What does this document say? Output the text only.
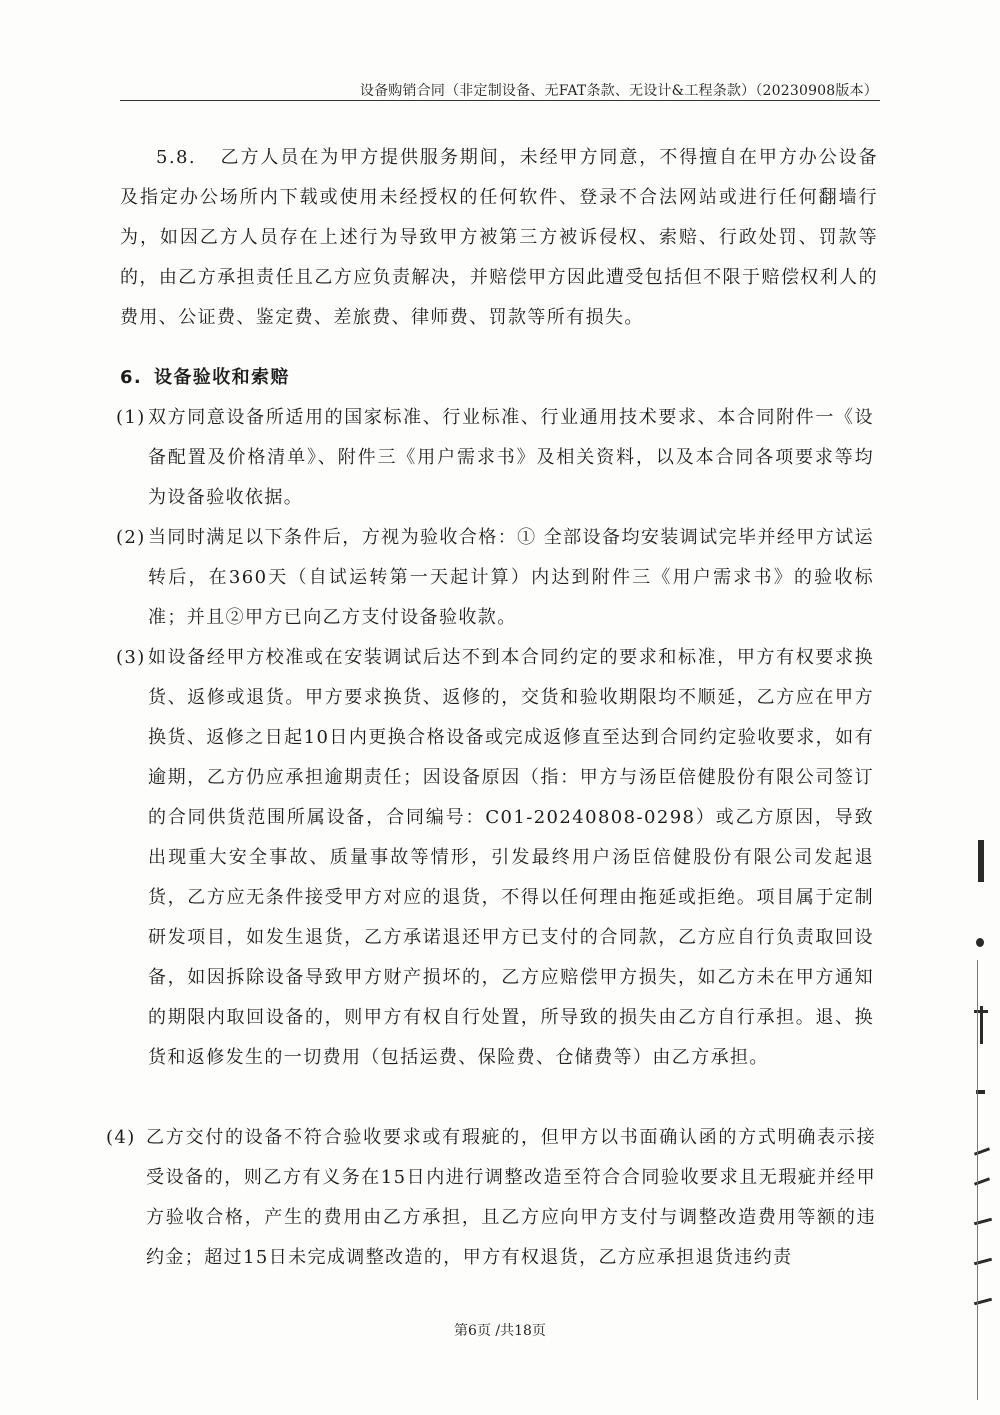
设备购销合同（非定制设备、无FAT条款、无设计&工程条款）（20230908版本）
5.8. 乙方人员在为甲方提供服务期间，未经甲方同意，不得擅自在甲方办公设备及指定办公场所内下载或使用未经授权的任何软件、登录不合法网站或进行任何翻墙行为，如因乙方人员存在上述行为导致甲方被第三方被诉侵权、索赔、行政处罚、罚款等的，由乙方承担责任且乙方应负责解决，并赔偿甲方因此遭受包括但不限于赔偿权利人的费用、公证费、鉴定费、差旅费、律师费、罚款等所有损失。
6. 设备验收和索赔
(1) 双方同意设备所适用的国家标准、行业标准、行业通用技术要求、本合同附件一《设备配置及价格清单》、附件三《用户需求书》及相关资料，以及本合同各项要求等均为设备验收依据。
(2) 当同时满足以下条件后，方视为验收合格：① 全部设备均安装调试完毕并经甲方试运转后，在360天（自试运转第一天起计算）内达到附件三《用户需求书》的验收标准；并且②甲方已向乙方支付设备验收款。
(3) 如设备经甲方校准或在安装调试后达不到本合同约定的要求和标准，甲方有权要求换货、返修或退货。甲方要求换货、返修的，交货和验收期限均不顺延，乙方应在甲方换货、返修之日起10日内更换合格设备或完成返修直至达到合同约定验收要求，如有逾期，乙方仍应承担逾期责任；因设备原因（指：甲方与汤臣倍健股份有限公司签订的合同供货范围所属设备，合同编号：C01-20240808-0298）或乙方原因，导致出现重大安全事故、质量事故等情形，引发最终用户汤臣倍健股份有限公司发起退货，乙方应无条件接受甲方对应的退货，不得以任何理由拖延或拒绝。项目属于定制研发项目，如发生退货，乙方承诺退还甲方已支付的合同款，乙方应自行负责取回设备，如因拆除设备导致甲方财产损坏的，乙方应赔偿甲方损失，如乙方未在甲方通知的期限内取回设备的，则甲方有权自行处置，所导致的损失由乙方自行承担。退、换货和返修发生的一切费用（包括运费、保险费、仓储费等）由乙方承担。
(4) 乙方交付的设备不符合验收要求或有瑕疵的，但甲方以书面确认函的方式明确表示接受设备的，则乙方有义务在15日内进行调整改造至符合合同验收要求且无瑕疵并经甲方验收合格，产生的费用由乙方承担，且乙方应向甲方支付与调整改造费用等额的违约金；超过15日未完成调整改造的，甲方有权退货，乙方应承担退货违约责
第6页 /共18页
